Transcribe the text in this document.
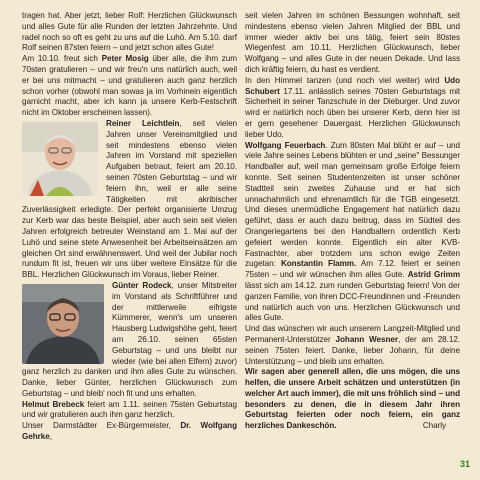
tragen hat. Aber jetzt, lieber Rolf: Herzlichen Glückwunsch und alles Gute für alle Runden der letzten Jahrzehnte. Und radel noch so oft es geht zu uns auf die Luhö. Am 5.10. darf Rolf seinen 87sten feiern – und jetzt schon alles Gute!

Am 10.10. freut sich Peter Mosig über alle, die ihm zum 70sten gratulieren – und wir freu'n uns natürlich auch, weil er bei uns mitmacht – und gratulieren auch ganz herzlich schon vorher (obwohl man sowas ja im Vorhinein eigentlich garnicht macht, aber ich kann ja unsere Kerb-Festschrift nicht im Oktober erscheinen lassen).

Reiner Leichtlein
, seit vielen Jahren unser Vereinsmitglied und seit mindestens ebenso vielen Jahren im Vorstand mit speziellen Aufgaben betraut, feiert am 20.10. seinen 70sten Geburtstag – und wir feiern ihn, weil er alle seine Tätigkeiten mit akribischer Zuverlässigkeit erledigte. Der perfekt organisierte Umzug zur Kerb war das beste Beispiel, aber auch sein seit vielen Jahren erfolgreich betreuter Weinstand am 1. Mai auf der Luhö und seine stete Anwesenheit bei Arbeitseinsätzen am gleichen Ort sind erwähnenswert. Und weil der Jubilar noch rundum fit ist, freuen wir uns über weitere Einsätze für die BBL. Herzlichen Glückwunsch im Voraus, lieber Reiner.

Günter Rodeck, unser Mitstreiter im Vorstand als Schriftführer und der mittlerweile eifrigste Kümmerer, wenn's um unseren Hausberg Ludwigshöhe geht, feiert am 26.10. seinen 65sten Geburtstag – und uns bleibt nur wieder (wie bei allen Elfern) zuvor) ganz herzlich zu danken und ihm alles Gute zu wünschen. Danke, lieber Günter, herzlichen Glückwunsch zum Geburtstag – und bleib' noch fit und uns erhalten.

Helmut Brebeck feiert am 1.11. seinen 75sten Geburtstag und wir gratulieren auch ihm ganz herzlich.

Unser Darmstädter Ex-Bürgermeister, Dr. Wolfgang Gehrke,

seit vielen Jahren im schönen Bessungen wohnhaft, seit mindestens ebenso vielen Jahren Mitglied der BBL und immer wieder aktiv bei uns tätig, feiert sein 80stes Wiegenfest am 10.11. Herzlichen Glückwunsch, lieber Wolfgang – und alles Gute in der neuen Dekade. Und lass dich kräftig feiern, du hast es verdient.

In den Himmel tanzen (und noch viel weiter) wird Udo Schubert 17.11. anlässlich seines 70sten Geburtstags mit Sicherheit in seiner Tanzschule in der Dieburger. Und zuvor wird er natürlich noch üben bei unserer Kerb, denn hier ist er gern gesehener Dauergast. Herzlichen Glückwunsch lieber Udo.

Wolfgang Feuerbach. Zum 80sten Mal blüht er auf – und viele Jahre seines Lebens blühten er und „seine" Bessunger Handballer auf, weil man gemeinsam große Erfolge feiern konnte. Seit seinen Studentenzeiten ist unser schöner Stadtteil sein zweites Zuhause und er hat sich unnachahmlich und ehrenamtlich für die TGB eingesetzt. Und dieses unermüdliche Engagement hat natürlich dazu geführt, dass er auch dazu beitrug, dass im Südteil des Orangeriegartens bei den Handballern ordentlich Kerb gefeiert werden konnte. Eigentlich ein alter KVB-Fastnachter, aber trotzdem uns schon ewige Zeiten zugetan: Konstantin Flamm. Am 7.12. feiert er seinen 75sten – und wir wünschen ihm alles Gute. Astrid Grimm lässt sich am 14.12. zum runden Geburtstag feiern! Von der ganzen Familie, von ihren DCC-Freundinnen und -Freunden und natürlich auch von uns. Herzlichen Glückwunsch und alles Gute.

Und das wünschen wir auch unserem Langzeit-Mitglied und Permanent-Unterstützer Johann Wesner, der am 28.12. seinen 75sten feiert. Danke, lieber Johann, für deine Unterstützung – und bleib uns erhalten.

Wir sagen aber generell allen, die uns mögen, die uns helfen, die unsere Arbeit schätzen und unterstützen (in welcher Art auch immer), die mit uns fröhlich sind – und besonders zu denen, die in diesem Jahr ihren Geburtstag feierten oder noch feiern, ein ganz herzliches Dankeschön.	Charly

31
